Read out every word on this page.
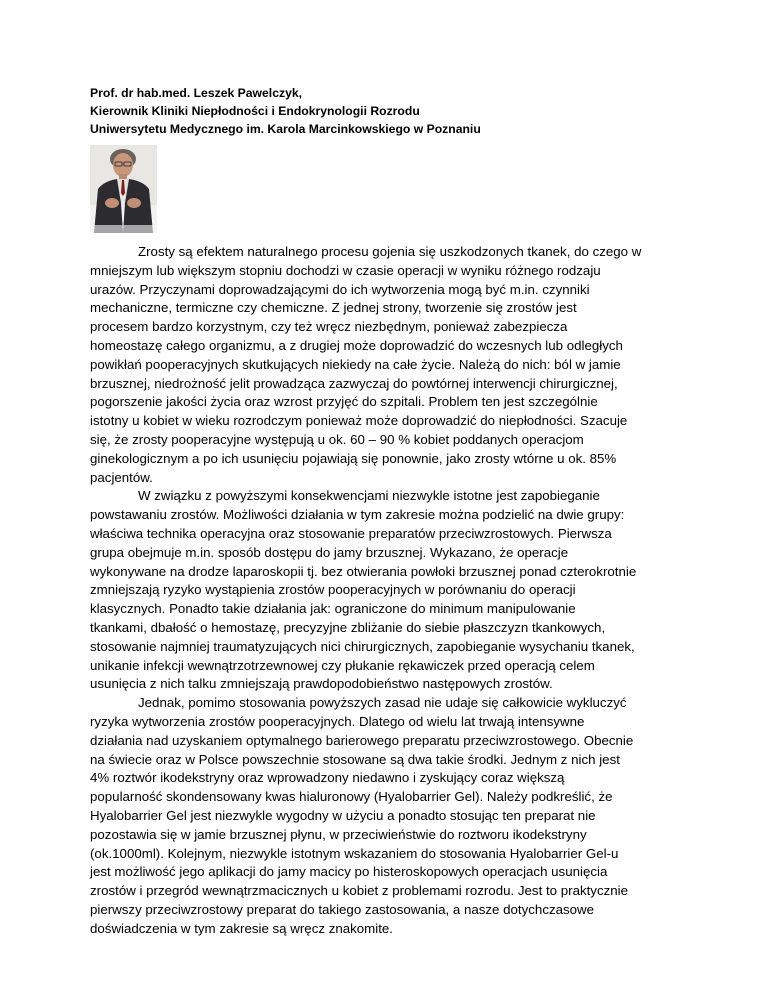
Prof. dr hab.med. Leszek Pawelczyk,
Kierownik Kliniki Niepłodności i Endokrynologii Rozrodu
Uniwersytetu Medycznego im. Karola Marcinkowskiego w Poznaniu

Zrosty są efektem naturalnego procesu gojenia się uszkodzonych tkanek, do czego w
mniejszym lub większym stopniu dochodzi w czasie operacji w wyniku różnego rodzaju
urazów. Przyczynami doprowadzającymi do ich wytworzenia mogą być m.in. czynniki
mechaniczne, termiczne czy chemiczne. Z jednej strony, tworzenie się zrostów jest
procesem bardzo korzystnym, czy też wręcz niezbędnym, ponieważ zabezpiecza
homeostazę całego organizmu, a z drugiej może doprowadzić do wczesnych lub odległych
powikłań pooperacyjnych skutkujących niekiedy na całe życie. Należą do nich: ból w jamie
brzusznej, niedrożność jelit prowadząca zazwyczaj do powtórnej interwencji chirurgicznej,
pogorszenie jakości życia oraz wzrost przyjęć do szpitali. Problem ten jest szczególnie
istotny u kobiet w wieku rozrodczym ponieważ może doprowadzić do niepłodności. Szacuje
się, że zrosty pooperacyjne występują u ok. 60 – 90 % kobiet poddanych operacjom
ginekologicznym a po ich usunięciu pojawiają się ponownie, jako zrosty wtórne u ok. 85%
pacjentów.

W związku z powyższymi konsekwencjami niezwykle istotne jest zapobieganie
powstawaniu zrostów. Możliwości działania w tym zakresie można podzielić na dwie grupy:
właściwa technika operacyjna oraz stosowanie preparatów przeciwzrostowych. Pierwsza
grupa obejmuje m.in. sposób dostępu do jamy brzusznej. Wykazano, że operacje
wykonywane na drodze laparoskopii tj. bez otwierania powłoki brzusznej ponad czterokrotnie
zmniejszają ryzyko wystąpienia zrostów pooperacyjnych w porównaniu do operacji
klasycznych. Ponadto takie działania jak: ograniczone do minimum manipulowanie
tkankami, dbałość o hemostazę, precyzyjne zbliżanie do siebie płaszczyzn tkankowych,
stosowanie najmniej traumatyzujących nici chirurgicznych, zapobieganie wysychaniu tkanek,
unikanie infekcji wewnątrzotrzewnowej czy płukanie rękawiczek przed operacją celem
usunięcia z nich talku zmniejszają prawdopodobieństwo następowych zrostów.

Jednak, pomimo stosowania powyższych zasad nie udaje się całkowicie wykluczyć
ryzyka wytworzenia zrostów pooperacyjnych. Dlatego od wielu lat trwają intensywne
działania nad uzyskaniem optymalnego barierowego preparatu przeciwzrostowego. Obecnie
na świecie oraz w Polsce powszechnie stosowane są dwa takie środki. Jednym z nich jest
4% roztwór ikodekstryny oraz wprowadzony niedawno i zyskujący coraz większą
popularność skondensowany kwas hialuronowy (Hyalobarrier Gel). Należy podkreślić, że
Hyalobarrier Gel jest niezwykle wygodny w użyciu a ponadto stosując ten preparat nie
pozostawia się w jamie brzusznej płynu, w przeciwieństwie do roztworu ikodekstryny
(ok.1000ml). Kolejnym, niezwykle istotnym wskazaniem do stosowania Hyalobarrier Gel-u
jest możliwość jego aplikacji do jamy macicy po histeroskopowych operacjach usunięcia
zrostów i przegród wewnątrzmacicznych u kobiet z problemami rozrodu. Jest to praktycznie
pierwszy przeciwzrostowy preparat do takiego zastosowania, a nasze dotychczasowe
doświadczenia w tym zakresie są wręcz znakomite.
